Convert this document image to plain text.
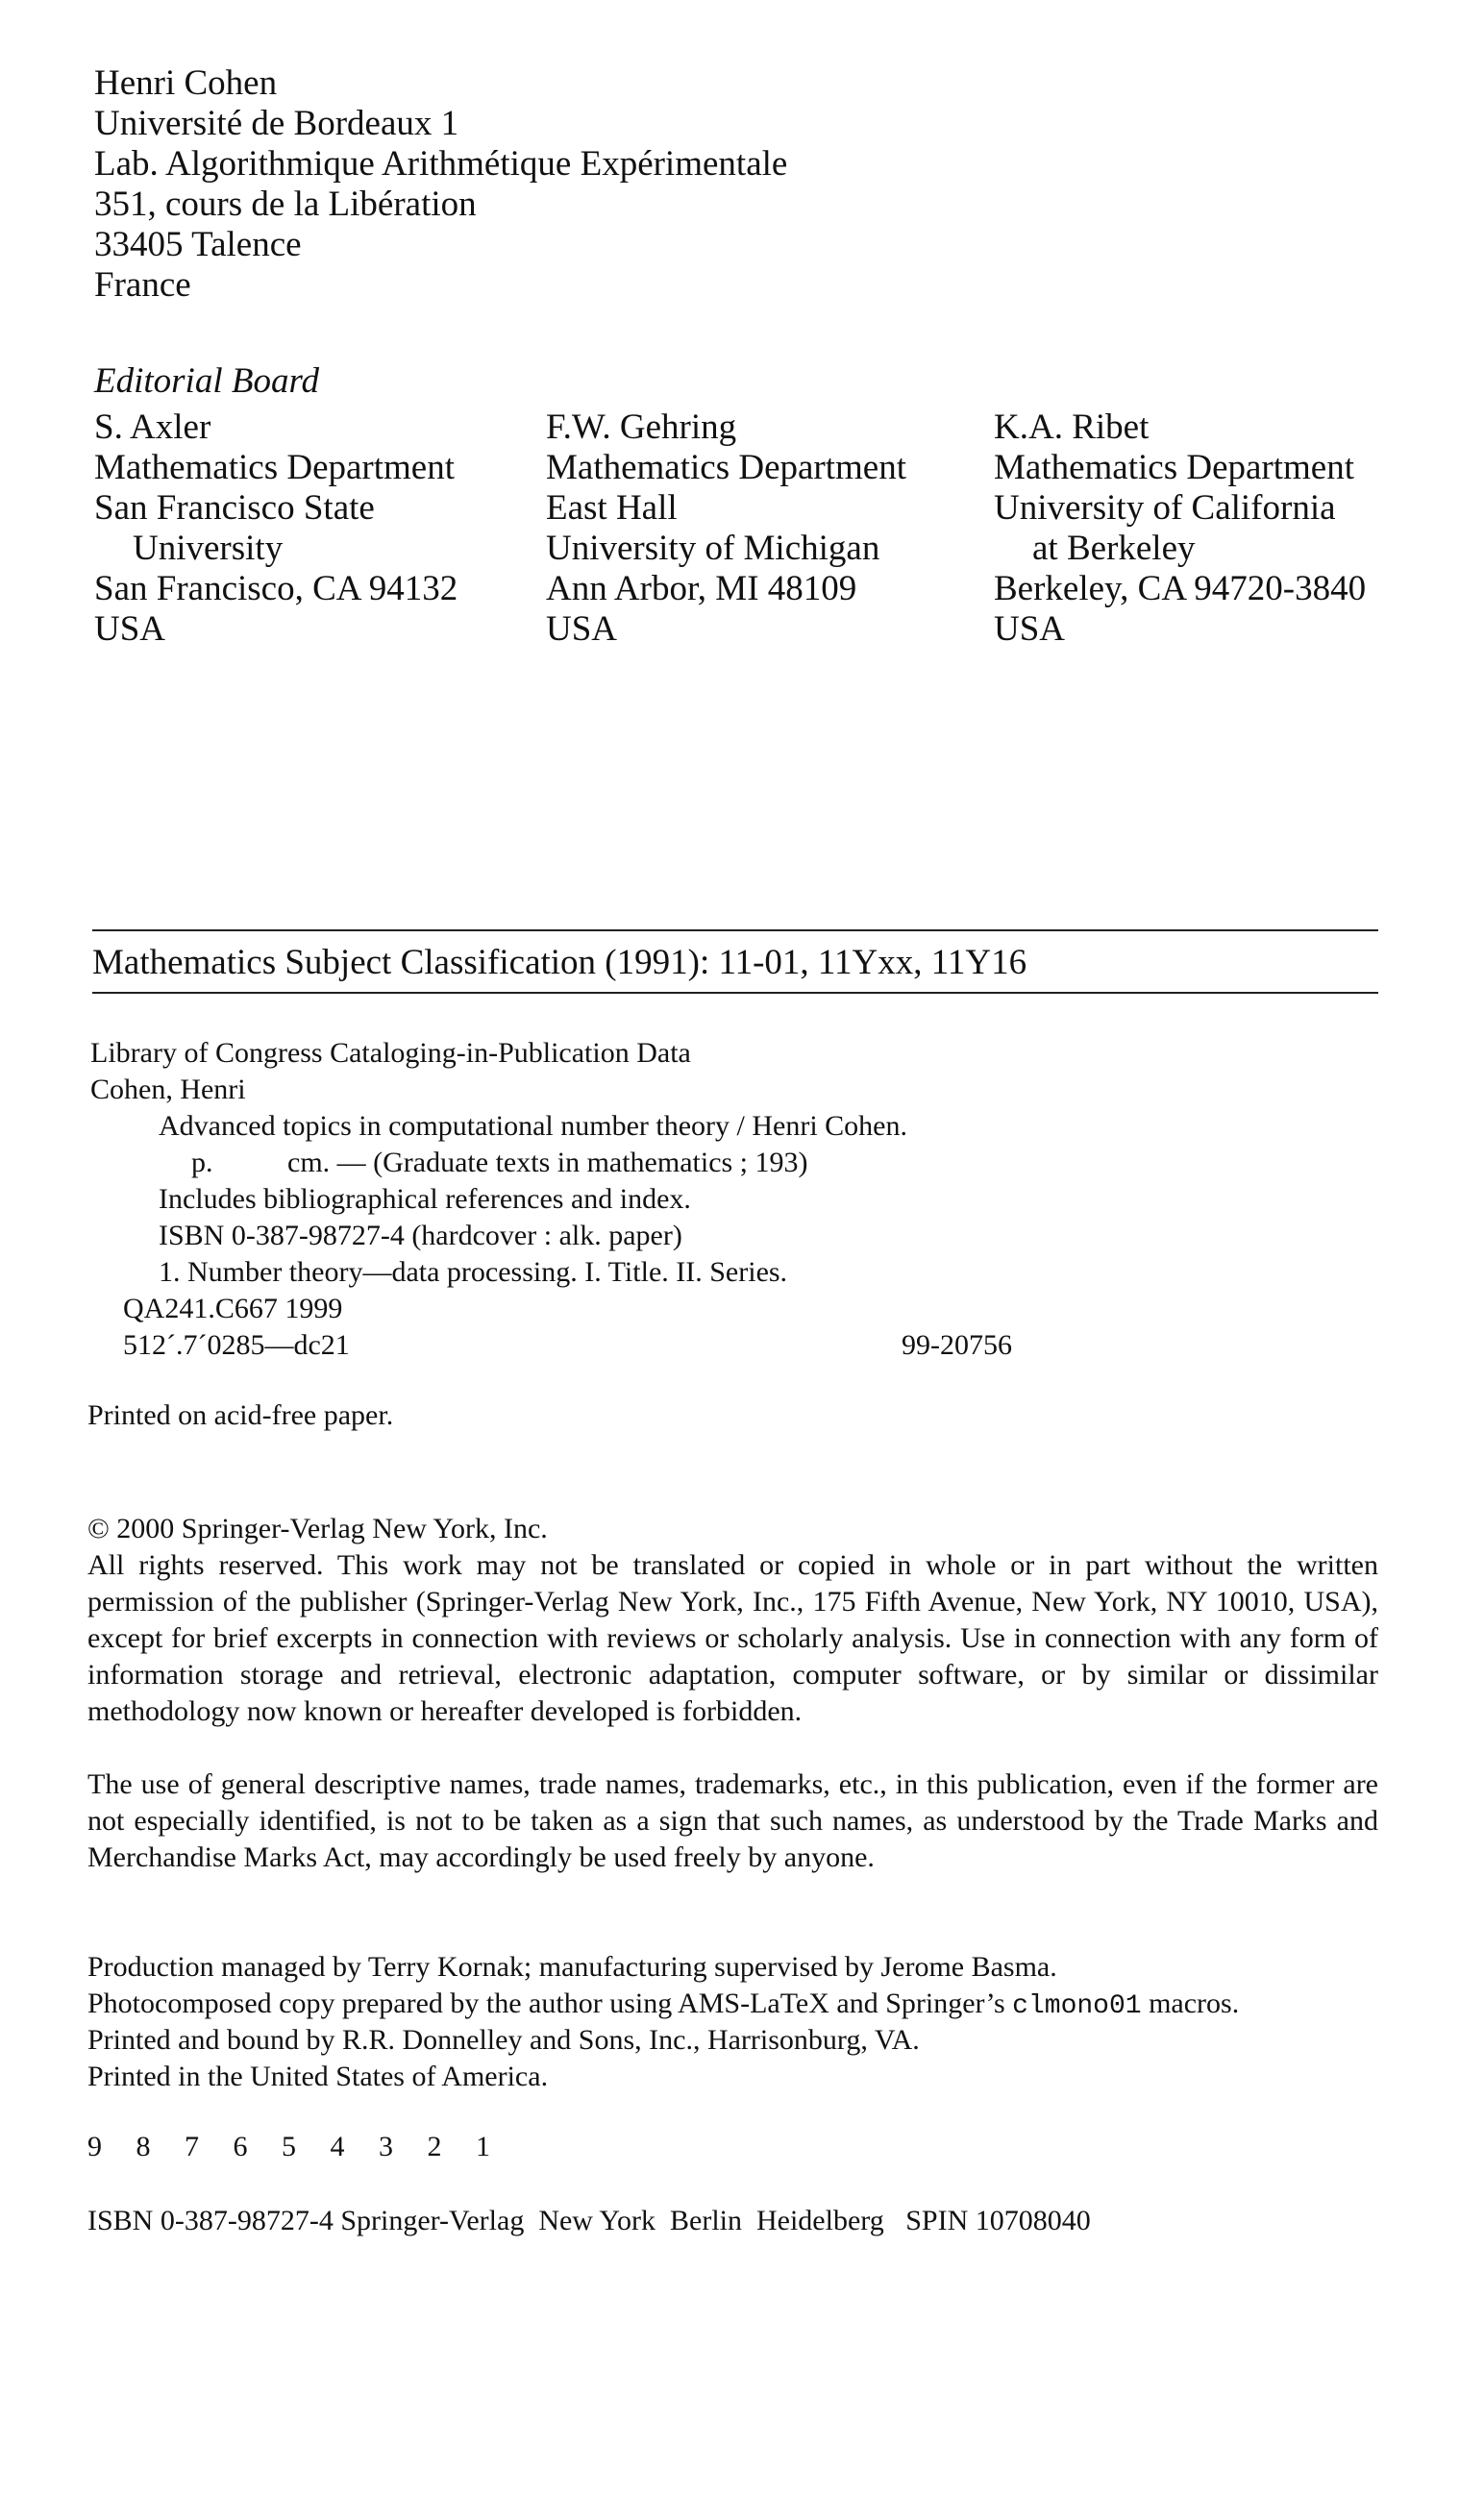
Henri Cohen
Université de Bordeaux 1
Lab. Algorithmique Arithmétique Expérimentale
351, cours de la Libération
33405 Talence
France
Editorial Board
S. Axler
Mathematics Department
San Francisco State
University
San Francisco, CA 94132
USA
F.W. Gehring
Mathematics Department
East Hall
University of Michigan
Ann Arbor, MI 48109
USA
K.A. Ribet
Mathematics Department
University of California
at Berkeley
Berkeley, CA 94720-3840
USA
Mathematics Subject Classification (1991): 11-01, 11Yxx, 11Y16
Library of Congress Cataloging-in-Publication Data
Cohen, Henri
Advanced topics in computational number theory / Henri Cohen.
p.	cm. — (Graduate texts in mathematics ; 193)
Includes bibliographical references and index.
ISBN 0-387-98727-4 (hardcover : alk. paper)
1. Number theory—data processing. I. Title. II. Series.
QA241.C667 1999
512´.7´0285—dc21	99-20756
Printed on acid-free paper.
© 2000 Springer-Verlag New York, Inc.
All rights reserved. This work may not be translated or copied in whole or in part without the written permission of the publisher (Springer-Verlag New York, Inc., 175 Fifth Avenue, New York, NY 10010, USA), except for brief excerpts in connection with reviews or scholarly analysis. Use in connection with any form of information storage and retrieval, electronic adaptation, computer software, or by similar or dissimilar methodology now known or hereafter developed is forbidden.
The use of general descriptive names, trade names, trademarks, etc., in this publication, even if the former are not especially identified, is not to be taken as a sign that such names, as understood by the Trade Marks and Merchandise Marks Act, may accordingly be used freely by anyone.
Production managed by Terry Kornak; manufacturing supervised by Jerome Basma.
Photocomposed copy prepared by the author using AMS-LaTeX and Springer’s clmono01 macros.
Printed and bound by R.R. Donnelley and Sons, Inc., Harrisonburg, VA.
Printed in the United States of America.
9 8 7 6 5 4 3 2 1
ISBN 0-387-98727-4 Springer-Verlag  New York  Berlin  Heidelberg   SPIN 10708040
